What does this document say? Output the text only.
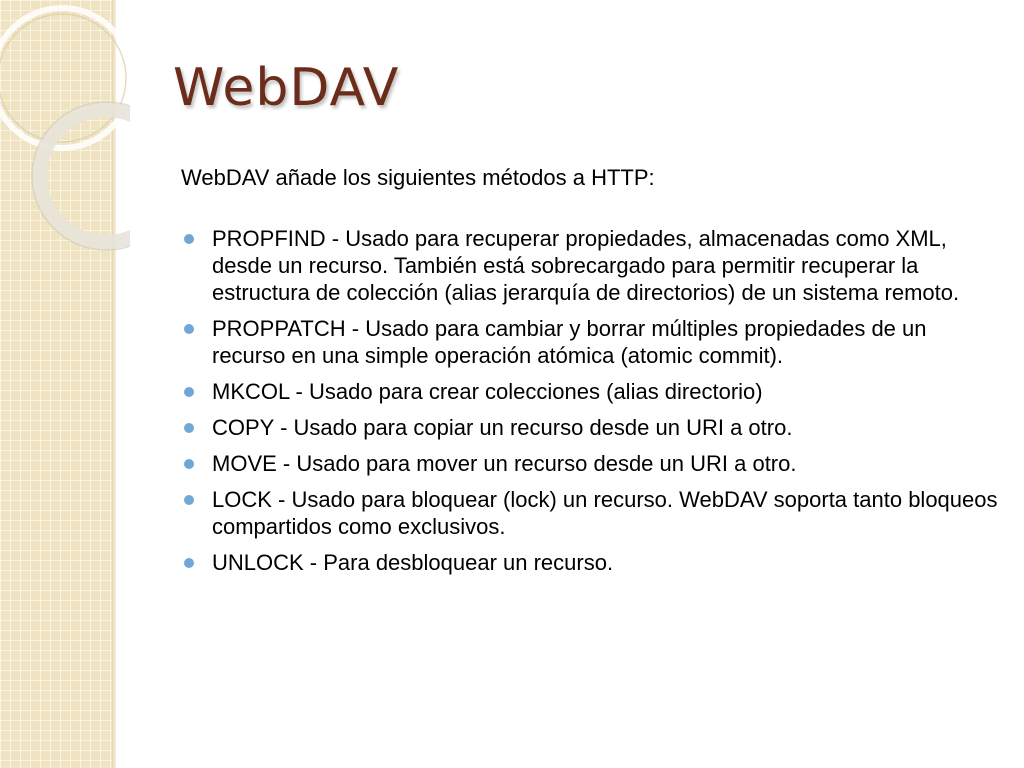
WebDAV

WebDAV añade los siguientes métodos a HTTP:

PROPFIND - Usado para recuperar propiedades, almacenadas como XML, desde un recurso. También está sobrecargado para permitir recuperar la estructura de colección (alias jerarquía de directorios) de un sistema remoto.
PROPPATCH - Usado para cambiar y borrar múltiples propiedades de un recurso en una simple operación atómica (atomic commit).
MKCOL - Usado para crear colecciones (alias directorio)
COPY - Usado para copiar un recurso desde un URI a otro.
MOVE - Usado para mover un recurso desde un URI a otro.
LOCK - Usado para bloquear (lock) un recurso. WebDAV soporta tanto bloqueos compartidos como exclusivos.
UNLOCK - Para desbloquear un recurso.
